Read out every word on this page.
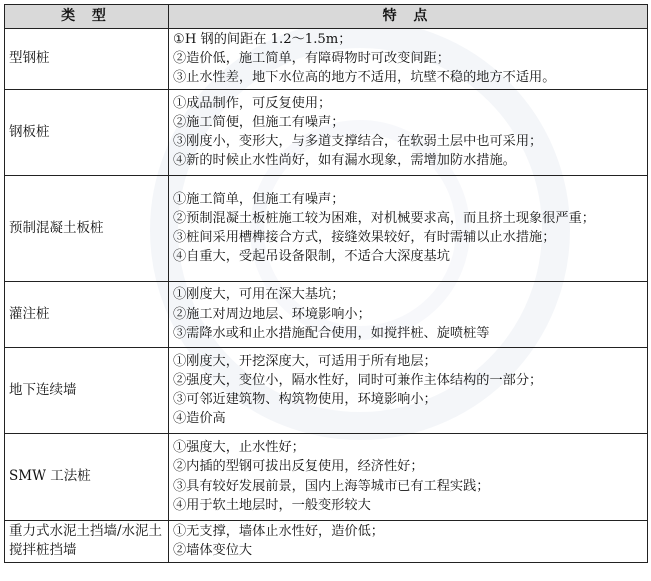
类 型	特 点
型钢桩	①H 钢的间距在 1.2～1.5m；
②造价低，施工简单，有障碍物时可改变间距；
③止水性差，地下水位高的地方不适用，坑壁不稳的地方不适用。

钢板桩	①成品制作，可反复使用；
②施工简便，但施工有噪声；
③刚度小，变形大，与多道支撑结合，在软弱土层中也可采用；
④新的时候止水性尚好，如有漏水现象，需增加防水措施。

预制混凝土板桩	①施工简单，但施工有噪声；
②预制混凝土板桩施工较为困难，对机械要求高，而且挤土现象很严重；
③桩间采用槽榫接合方式，接缝效果较好，有时需辅以止水措施；
④自重大，受起吊设备限制，不适合大深度基坑

灌注桩	①刚度大，可用在深大基坑；
②施工对周边地层、环境影响小；
③需降水或和止水措施配合使用，如搅拌桩、旋喷桩等

地下连续墙	①刚度大，开挖深度大，可适用于所有地层；
②强度大，变位小，隔水性好，同时可兼作主体结构的一部分；
③可邻近建筑物、构筑物使用，环境影响小；
④造价高

SMW 工法桩	①强度大，止水性好；
②内插的型钢可拔出反复使用，经济性好；
③具有较好发展前景，国内上海等城市已有工程实践；
④用于软土地层时，一般变形较大

重力式水泥土挡墙/水泥土搅拌桩挡墙	①无支撑，墙体止水性好，造价低；
②墙体变位大
